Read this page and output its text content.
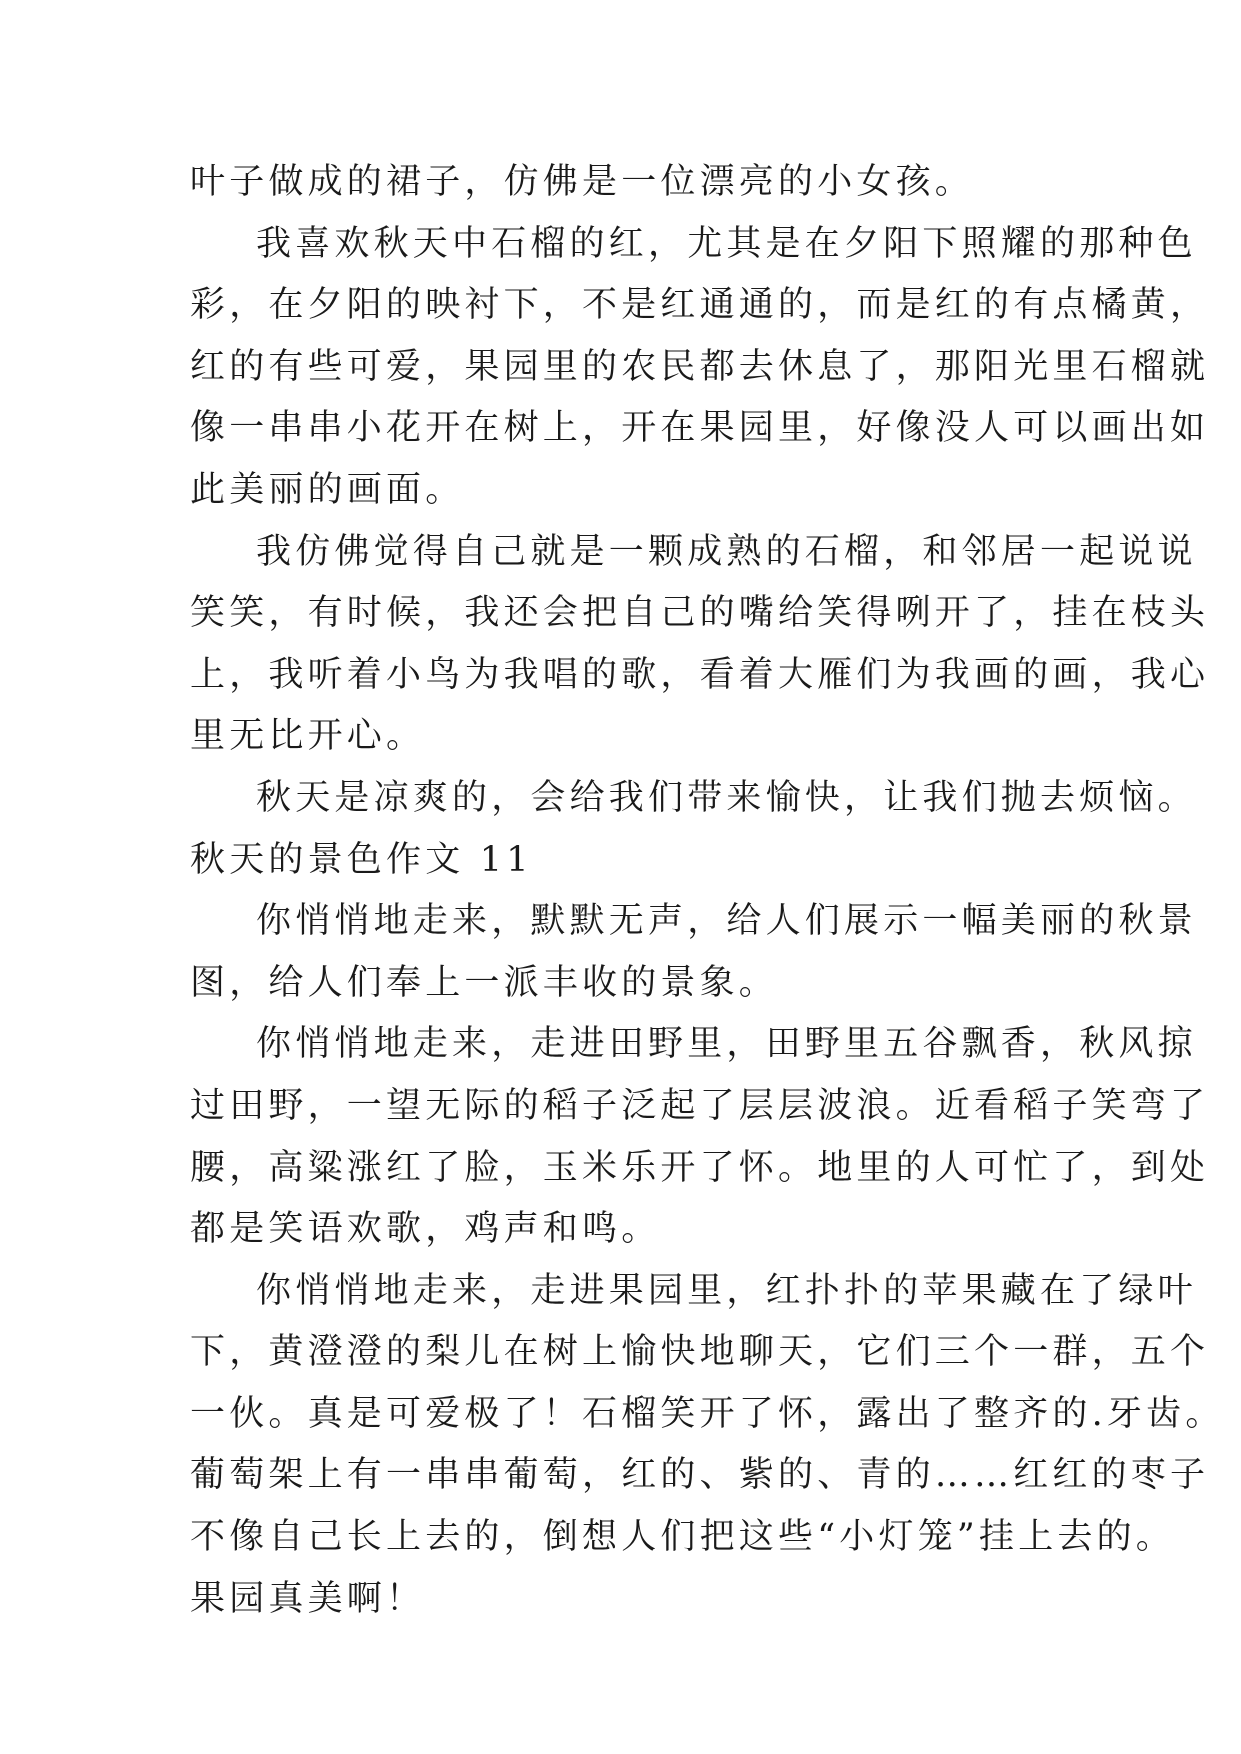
叶子做成的裙子，仿佛是一位漂亮的小女孩。
我喜欢秋天中石榴的红，尤其是在夕阳下照耀的那种色
彩，在夕阳的映衬下，不是红通通的，而是红的有点橘黄，
红的有些可爱，果园里的农民都去休息了，那阳光里石榴就
像一串串小花开在树上，开在果园里，好像没人可以画出如
此美丽的画面。
我仿佛觉得自己就是一颗成熟的石榴，和邻居一起说说
笑笑，有时候，我还会把自己的嘴给笑得咧开了，挂在枝头
上，我听着小鸟为我唱的歌，看着大雁们为我画的画，我心
里无比开心。
秋天是凉爽的，会给我们带来愉快，让我们抛去烦恼。
秋天的景色作文 11
你悄悄地走来，默默无声，给人们展示一幅美丽的秋景
图，给人们奉上一派丰收的景象。
你悄悄地走来，走进田野里，田野里五谷飘香，秋风掠
过田野，一望无际的稻子泛起了层层波浪。近看稻子笑弯了
腰，高粱涨红了脸，玉米乐开了怀。地里的人可忙了，到处
都是笑语欢歌，鸡声和鸣。
你悄悄地走来，走进果园里，红扑扑的苹果藏在了绿叶
下，黄澄澄的梨儿在树上愉快地聊天，它们三个一群，五个
一伙。真是可爱极了！石榴笑开了怀，露出了整齐的.牙齿。
葡萄架上有一串串葡萄，红的、紫的、青的……红红的枣子
不像自己长上去的，倒想人们把这些“小灯笼”挂上去的。
果园真美啊！
